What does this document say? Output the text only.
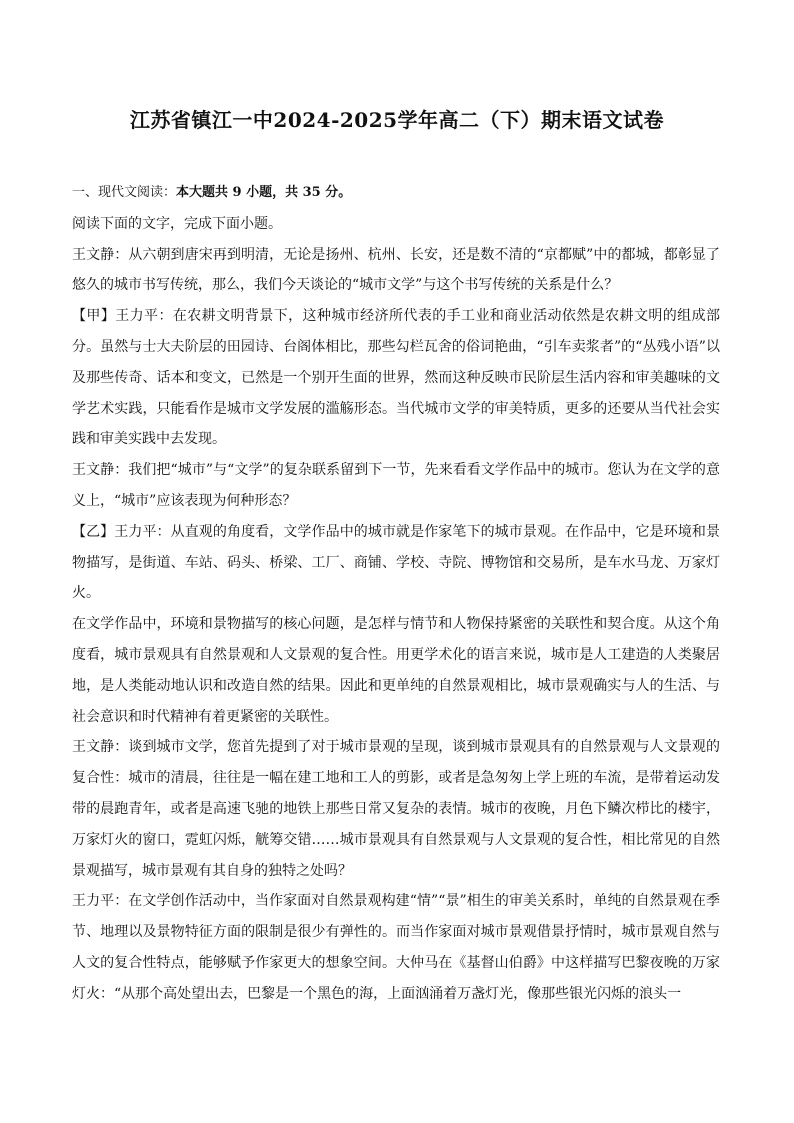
江苏省镇江一中2024-2025学年高二（下）期末语文试卷

一、现代文阅读：本大题共 9 小题，共 35 分。

阅读下面的文字，完成下面小题。

王文静：从六朝到唐宋再到明清，无论是扬州、杭州、长安，还是数不清的“京都赋”中的都城，都彰显了悠久的城市书写传统，那么，我们今天谈论的“城市文学”与这个书写传统的关系是什么？

【甲】王力平：在农耕文明背景下，这种城市经济所代表的手工业和商业活动依然是农耕文明的组成部分。虽然与士大夫阶层的田园诗、台阁体相比，那些勾栏瓦舍的俗词艳曲，“引车卖浆者”的“丛残小语”以及那些传奇、话本和变文，已然是一个别开生面的世界，然而这种反映市民阶层生活内容和审美趣味的文学艺术实践，只能看作是城市文学发展的滥觞形态。当代城市文学的审美特质，更多的还要从当代社会实践和审美实践中去发现。

王文静：我们把“城市”与“文学”的复杂联系留到下一节，先来看看文学作品中的城市。您认为在文学的意义上，“城市”应该表现为何种形态？

【乙】王力平：从直观的角度看，文学作品中的城市就是作家笔下的城市景观。在作品中，它是环境和景物描写，是街道、车站、码头、桥梁、工厂、商铺、学校、寺院、博物馆和交易所，是车水马龙、万家灯火。

在文学作品中，环境和景物描写的核心问题，是怎样与情节和人物保持紧密的关联性和契合度。从这个角度看，城市景观具有自然景观和人文景观的复合性。用更学术化的语言来说，城市是人工建造的人类聚居地，是人类能动地认识和改造自然的结果。因此和更单纯的自然景观相比，城市景观确实与人的生活、与社会意识和时代精神有着更紧密的关联性。

王文静：谈到城市文学，您首先提到了对于城市景观的呈现，谈到城市景观具有的自然景观与人文景观的复合性：城市的清晨，往往是一幅在建工地和工人的剪影，或者是急匆匆上学上班的车流，是带着运动发带的晨跑青年，或者是高速飞驰的地铁上那些日常又复杂的表情。城市的夜晚，月色下鳞次栉比的楼宇，万家灯火的窗口，霓虹闪烁，觥筹交错……城市景观具有自然景观与人文景观的复合性，相比常见的自然景观描写，城市景观有其自身的独特之处吗？

王力平：在文学创作活动中，当作家面对自然景观构建“情”“景”相生的审美关系时，单纯的自然景观在季节、地理以及景物特征方面的限制是很少有弹性的。而当作家面对城市景观借景抒情时，城市景观自然与人文的复合性特点，能够赋予作家更大的想象空间。大仲马在《基督山伯爵》中这样描写巴黎夜晚的万家灯火：“从那个高处望出去，巴黎是一个黑色的海，上面汹涌着万盏灯光，像那些银光闪烁的浪头一
